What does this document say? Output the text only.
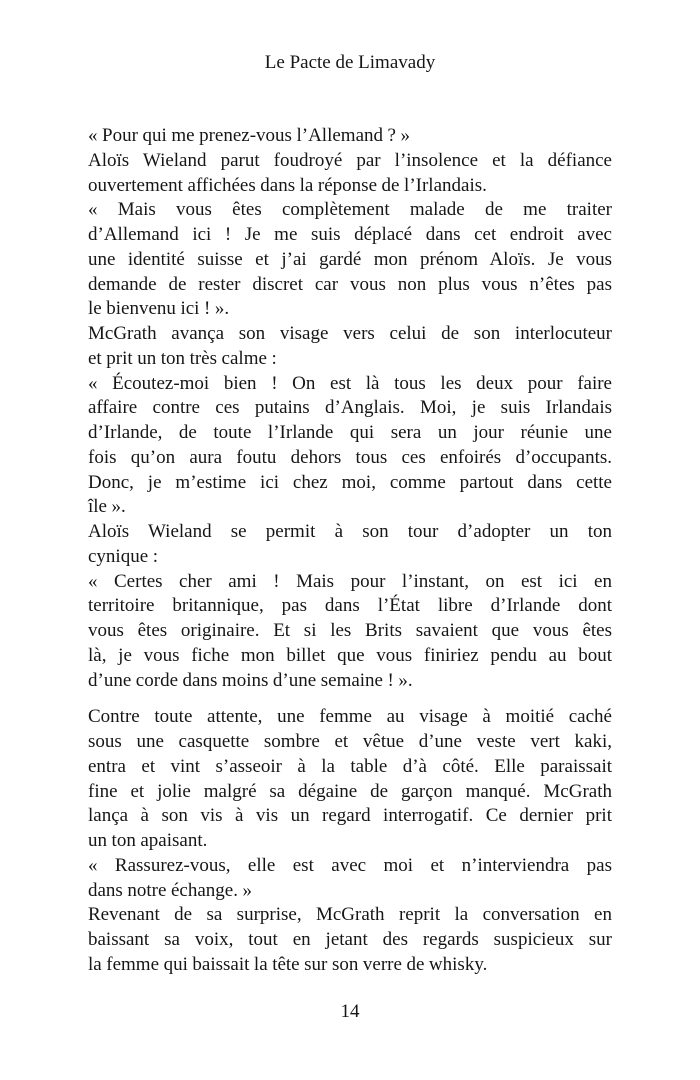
Le Pacte de Limavady
« Pour qui me prenez-vous l’Allemand ? »
Aloïs Wieland parut foudroyé par l’insolence et la défiance
ouvertement affichées dans la réponse de l’Irlandais.
« Mais vous êtes complètement malade de me traiter
d’Allemand ici ! Je me suis déplacé dans cet endroit avec
une identité suisse et j’ai gardé mon prénom Aloïs. Je vous
demande de rester discret car vous non plus vous n’êtes pas
le bienvenu ici ! ».
McGrath avança son visage vers celui de son interlocuteur
et prit un ton très calme :
« Écoutez-moi bien ! On est là tous les deux pour faire
affaire contre ces putains d’Anglais. Moi, je suis Irlandais
d’Irlande, de toute l’Irlande qui sera un jour réunie une
fois qu’on aura foutu dehors tous ces enfoirés d’occupants.
Donc, je m’estime ici chez moi, comme partout dans cette
île ».
Aloïs Wieland se permit à son tour d’adopter un ton
cynique :
« Certes cher ami ! Mais pour l’instant, on est ici en
territoire britannique, pas dans l’État libre d’Irlande dont
vous êtes originaire. Et si les Brits savaient que vous êtes
là, je vous fiche mon billet que vous finiriez pendu au bout
d’une corde dans moins d’une semaine ! ».
Contre toute attente, une femme au visage à moitié caché
sous une casquette sombre et vêtue d’une veste vert kaki,
entra et vint s’asseoir à la table d’à côté. Elle paraissait
fine et jolie malgré sa dégaine de garçon manqué. McGrath
lança à son vis à vis un regard interrogatif. Ce dernier prit
un ton apaisant.
« Rassurez-vous, elle est avec moi et n’interviendra pas
dans notre échange. »
Revenant de sa surprise, McGrath reprit la conversation en
baissant sa voix, tout en jetant des regards suspicieux sur
la femme qui baissait la tête sur son verre de whisky.
14
